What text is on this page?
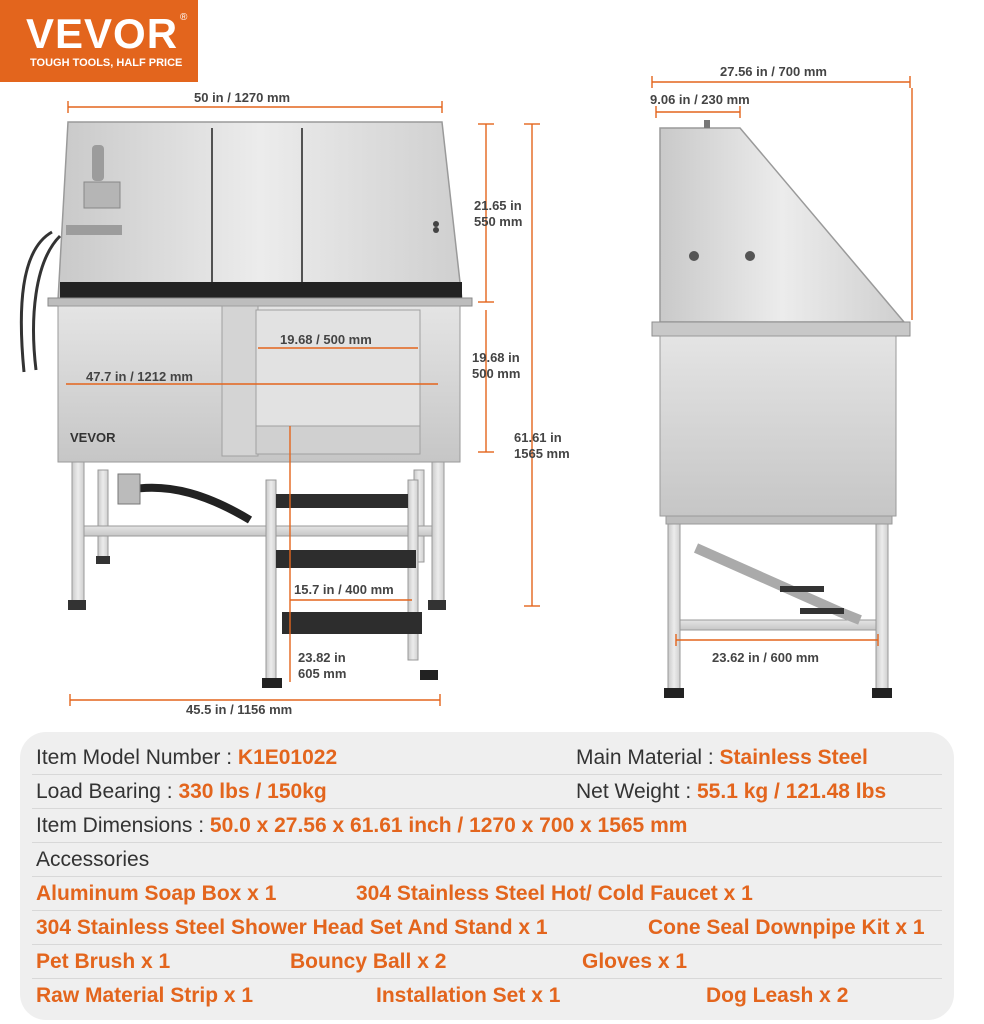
VEVOR ®
TOUGH TOOLS, HALF PRICE
VEVOR
50 in / 1270 mm
21.65 in
550 mm
19.68 / 500 mm
19.68 in
500 mm
47.7 in / 1212 mm
61.61 in
1565 mm
15.7 in / 400 mm
23.82 in
605 mm
45.5 in / 1156 mm
27.56 in / 700 mm
9.06 in / 230 mm
23.62 in / 600 mm
Item Model Number : K1E01022	Main Material : Stainless Steel
Load Bearing : 330 lbs / 150kg	Net Weight : 55.1 kg / 121.48 lbs
Item Dimensions : 50.0 x 27.56 x 61.61 inch / 1270 x 700 x 1565 mm
Accessories
Aluminum Soap Box x 1	304 Stainless Steel Hot/ Cold Faucet x 1
304 Stainless Steel Shower Head Set And Stand x 1	Cone Seal Downpipe Kit x 1
Pet Brush x 1	Bouncy Ball x 2	Gloves x 1
Raw Material Strip x 1	Installation Set x 1	Dog Leash x 2
